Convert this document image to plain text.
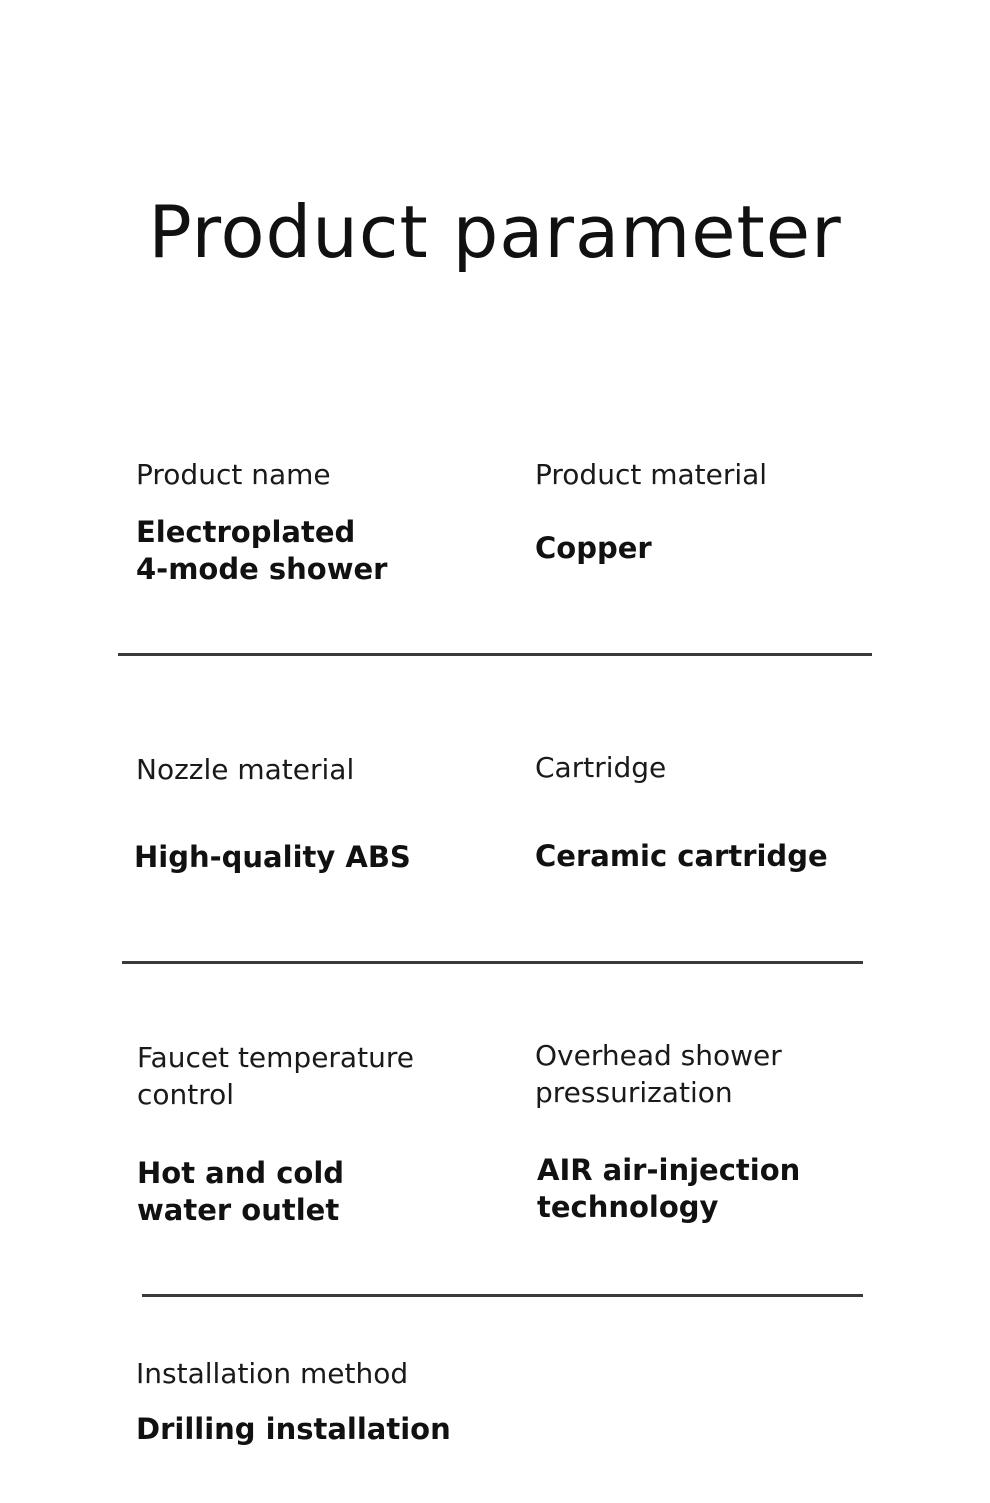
Product parameter
Product name
Electroplated
4-mode shower
Product material
Copper
Nozzle material
High-quality ABS
Cartridge
Ceramic cartridge
Faucet temperature
control
Hot and cold
water outlet
Overhead shower
pressurization
AIR air-injection
technology
Installation method
Drilling installation
